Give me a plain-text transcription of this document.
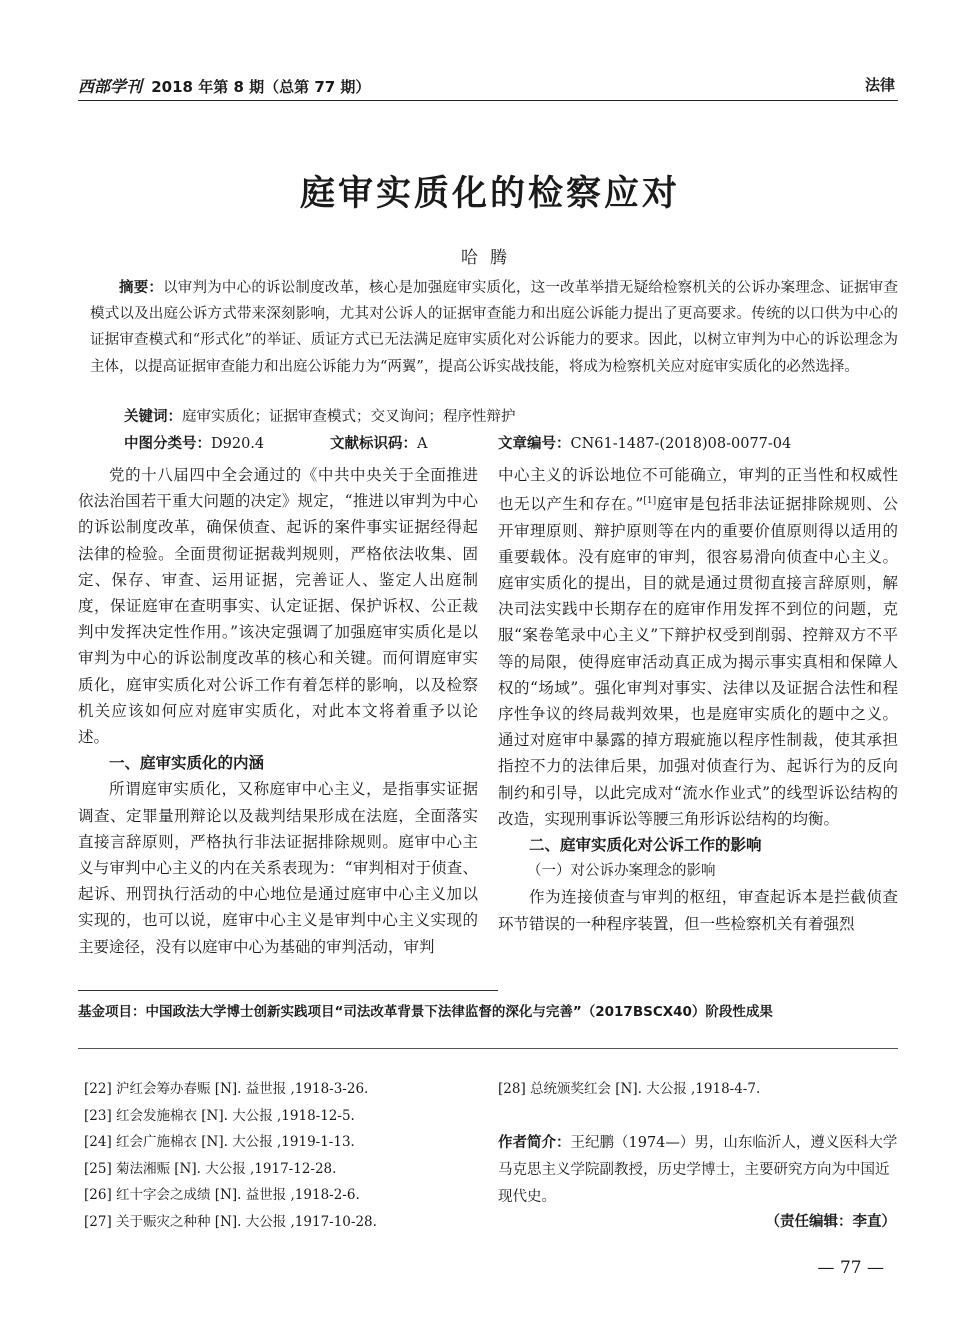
西部学刊 2018 年第 8 期（总第 77 期）	法律
庭审实质化的检察应对
哈腾
摘要：以审判为中心的诉讼制度改革，核心是加强庭审实质化，这一改革举措无疑给检察机关的公诉办案理念、证据审查模式以及出庭公诉方式带来深刻影响，尤其对公诉人的证据审查能力和出庭公诉能力提出了更高要求。传统的以口供为中心的证据审查模式和“形式化”的举证、质证方式已无法满足庭审实质化对公诉能力的要求。因此，以树立审判为中心的诉讼理念为主体，以提高证据审查能力和出庭公诉能力为“两翼”，提高公诉实战技能，将成为检察机关应对庭审实质化的必然选择。
关键词：庭审实质化；证据审查模式；交叉询问；程序性辩护
中图分类号：D920.4	文献标识码：A	文章编号：CN61-1487-(2018)08-0077-04

党的十八届四中全会通过的《中共中央关于全面推进依法治国若干重大问题的决定》规定，“推进以审判为中心的诉讼制度改革，确保侦查、起诉的案件事实证据经得起法律的检验。全面贯彻证据裁判规则，严格依法收集、固定、保存、审查、运用证据，完善证人、鉴定人出庭制度，保证庭审在查明事实、认定证据、保护诉权、公正裁判中发挥决定性作用。”该决定强调了加强庭审实质化是以审判为中心的诉讼制度改革的核心和关键。而何谓庭审实质化，庭审实质化对公诉工作有着怎样的影响，以及检察机关应该如何应对庭审实质化，对此本文将着重予以论述。

一、庭审实质化的内涵

所谓庭审实质化，又称庭审中心主义，是指事实证据调查、定罪量刑辩论以及裁判结果形成在法庭，全面落实直接言辞原则，严格执行非法证据排除规则。庭审中心主义与审判中心主义的内在关系表现为：“审判相对于侦查、起诉、刑罚执行活动的中心地位是通过庭审中心主义加以实现的，也可以说，庭审中心主义是审判中心主义实现的主要途径，没有以庭审中心为基础的审判活动，审判

中心主义的诉讼地位不可能确立，审判的正当性和权威性也无以产生和存在。”[1]庭审是包括非法证据排除规则、公开审理原则、辩护原则等在内的重要价值原则得以适用的重要载体。没有庭审的审判，很容易滑向侦查中心主义。庭审实质化的提出，目的就是通过贯彻直接言辞原则，解决司法实践中长期存在的庭审作用发挥不到位的问题，克服“案卷笔录中心主义”下辩护权受到削弱、控辩双方不平等的局限，使得庭审活动真正成为揭示事实真相和保障人权的“场域”。强化审判对事实、法律以及证据合法性和程序性争议的终局裁判效果，也是庭审实质化的题中之义。通过对庭审中暴露的掉方瑕疵施以程序性制裁，使其承担指控不力的法律后果，加强对侦查行为、起诉行为的反向制约和引导，以此完成对“流水作业式”的线型诉讼结构的改造，实现刑事诉讼等腰三角形诉讼结构的均衡。

二、庭审实质化对公诉工作的影响
（一）对公诉办案理念的影响

作为连接侦查与审判的枢纽，审查起诉本是拦截侦查环节错误的一种程序装置，但一些检察机关有着强烈

基金项目：中国政法大学博士创新实践项目“司法改革背景下法律监督的深化与完善”（2017BSCX40）阶段性成果

[22] 沪红会筹办春赈 [N]. 益世报 ,1918-3-26.

[23] 红会发施棉衣 [N]. 大公报 ,1918-12-5.

[24] 红会广施棉衣 [N]. 大公报 ,1919-1-13.

[25] 菊法湘赈 [N]. 大公报 ,1917-12-28.

[26] 红十字会之成绩 [N]. 益世报 ,1918-2-6.

[27] 关于赈灾之种种 [N]. 大公报 ,1917-10-28.

[28] 总统颁奖红会 [N]. 大公报 ,1918-4-7.

作者简介：王纪鹏（1974—）男，山东临沂人，遵义医科大学马克思主义学院副教授，历史学博士，主要研究方向为中国近现代史。
（责任编辑：李直）
— 77 —
